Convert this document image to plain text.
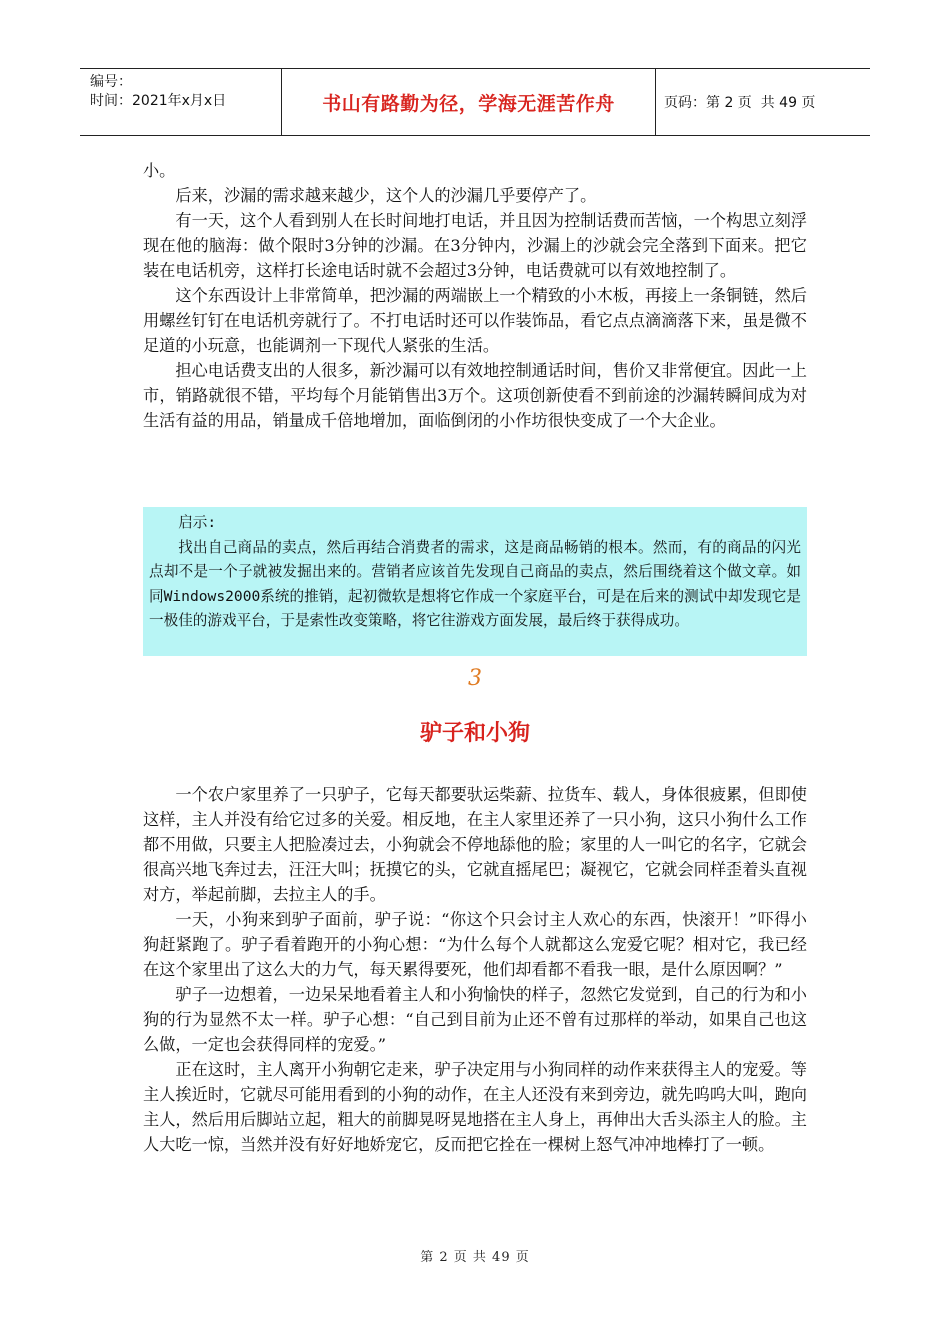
编号：
时间：2021年x月x日	书山有路勤为径，学海无涯苦作舟	页码：第 2 页  共 49 页

小。

后来，沙漏的需求越来越少，这个人的沙漏几乎要停产了。

有一天，这个人看到别人在长时间地打电话，并且因为控制话费而苦恼，一个构思立刻浮现在他的脑海：做个限时3分钟的沙漏。在3分钟内，沙漏上的沙就会完全落到下面来。把它装在电话机旁，这样打长途电话时就不会超过3分钟，电话费就可以有效地控制了。

这个东西设计上非常简单，把沙漏的两端嵌上一个精致的小木板，再接上一条铜链，然后用螺丝钉钉在电话机旁就行了。不打电话时还可以作装饰品，看它点点滴滴落下来，虽是微不足道的小玩意，也能调剂一下现代人紧张的生活。

担心电话费支出的人很多，新沙漏可以有效地控制通话时间，售价又非常便宜。因此一上市，销路就很不错，平均每个月能销售出3万个。这项创新使看不到前途的沙漏转瞬间成为对生活有益的用品，销量成千倍地增加，面临倒闭的小作坊很快变成了一个大企业。

启示:

找出自己商品的卖点，然后再结合消费者的需求，这是商品畅销的根本。然而，有的商品的闪光点却不是一个子就被发掘出来的。营销者应该首先发现自己商品的卖点，然后围绕着这个做文章。如同Windows2000系统的推销，起初微软是想将它作成一个家庭平台，可是在后来的测试中却发现它是一极佳的游戏平台，于是索性改变策略，将它往游戏方面发展，最后终于获得成功。

3
驴子和小狗

一个农户家里养了一只驴子，它每天都要驮运柴薪、拉货车、载人，身体很疲累，但即使这样，主人并没有给它过多的关爱。相反地，在主人家里还养了一只小狗，这只小狗什么工作都不用做，只要主人把脸凑过去，小狗就会不停地舔他的脸；家里的人一叫它的名字，它就会很高兴地飞奔过去，汪汪大叫；抚摸它的头，它就直摇尾巴；凝视它，它就会同样歪着头直视对方，举起前脚，去拉主人的手。

一天，小狗来到驴子面前，驴子说：“你这个只会讨主人欢心的东西，快滚开！”吓得小狗赶紧跑了。驴子看着跑开的小狗心想：“为什么每个人就都这么宠爱它呢？相对它，我已经在这个家里出了这么大的力气，每天累得要死，他们却看都不看我一眼，是什么原因啊？”

驴子一边想着，一边呆呆地看着主人和小狗愉快的样子，忽然它发觉到，自己的行为和小狗的行为显然不太一样。驴子心想：“自己到目前为止还不曾有过那样的举动，如果自己也这么做，一定也会获得同样的宠爱。”

正在这时，主人离开小狗朝它走来，驴子决定用与小狗同样的动作来获得主人的宠爱。等主人挨近时，它就尽可能用看到的小狗的动作，在主人还没有来到旁边，就先呜呜大叫，跑向主人，然后用后脚站立起，粗大的前脚晃呀晃地搭在主人身上，再伸出大舌头添主人的脸。主人大吃一惊，当然并没有好好地娇宠它，反而把它拴在一棵树上怒气冲冲地棒打了一顿。

第 2 页 共 49 页
